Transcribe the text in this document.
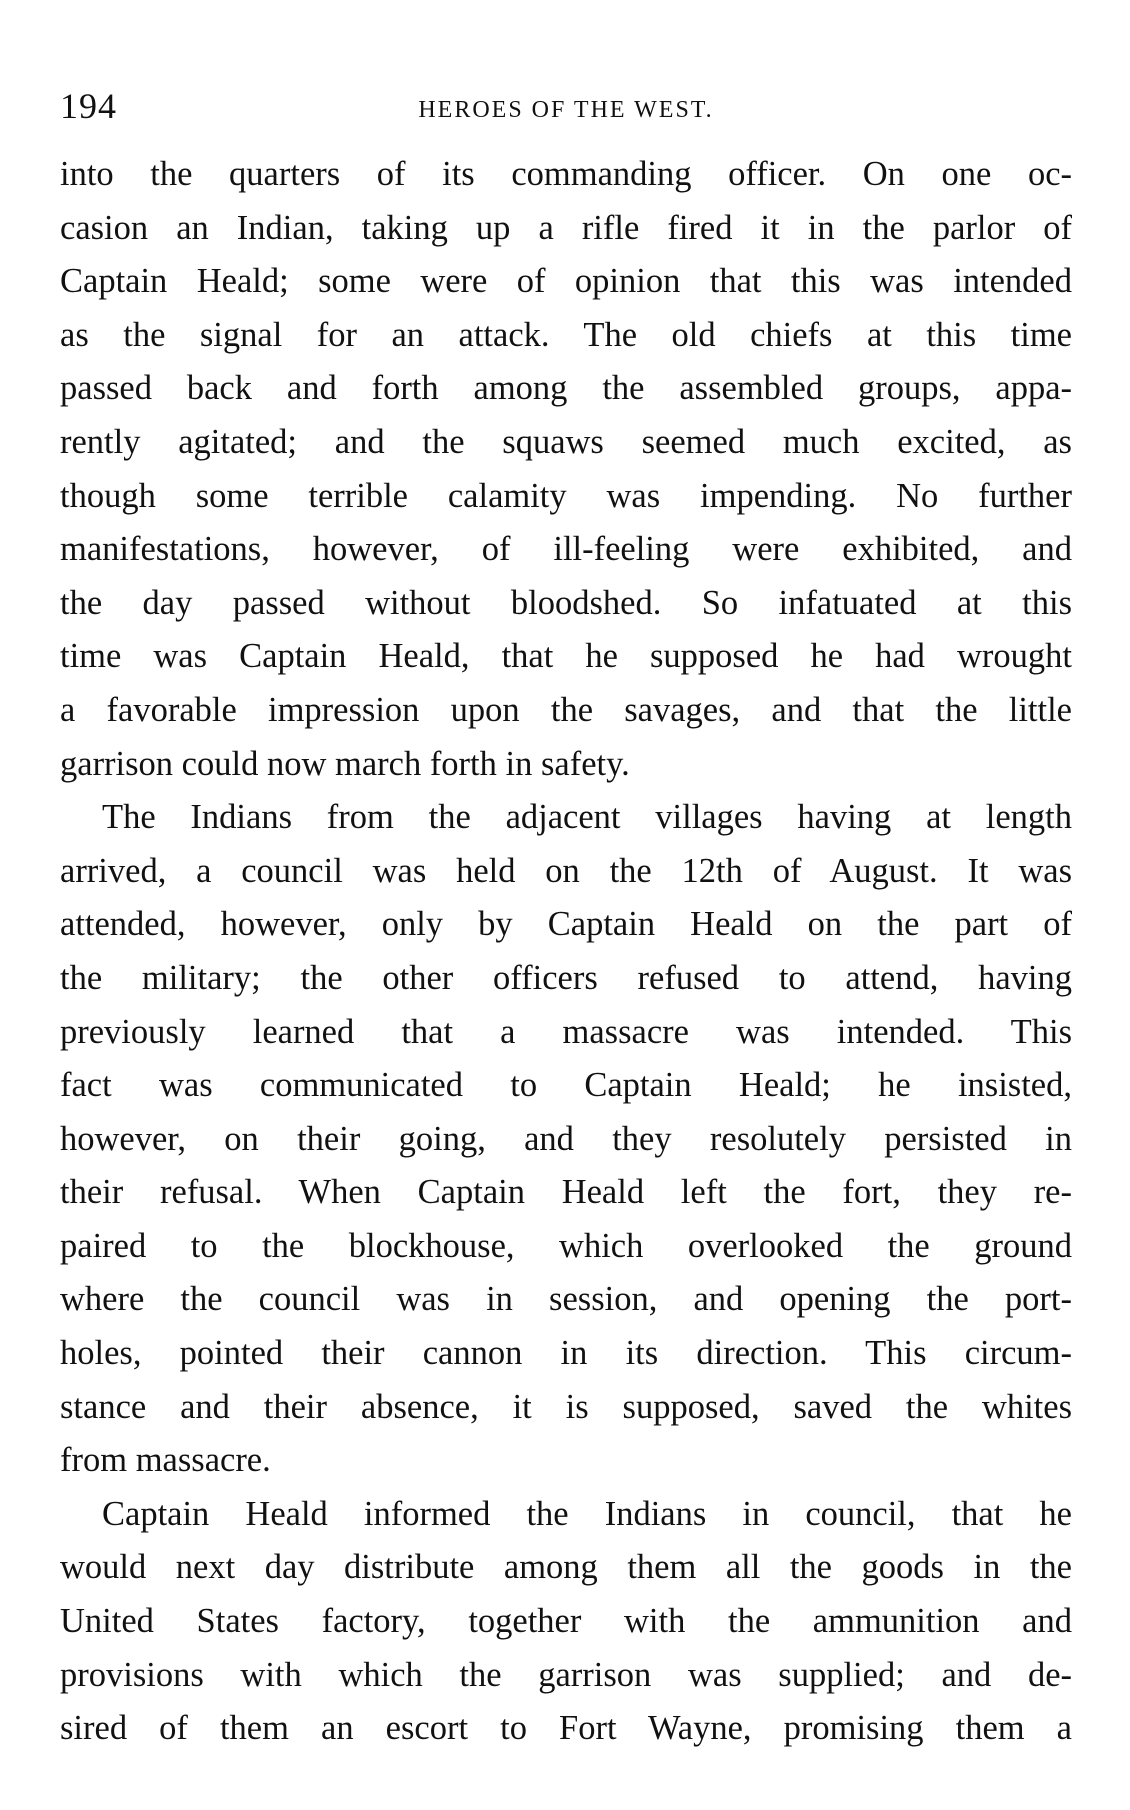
194	HEROES OF THE WEST.
into the quarters of its commanding officer. On one oc-
casion an Indian, taking up a rifle fired it in the parlor of
Captain Heald; some were of opinion that this was intended
as the signal for an attack. The old chiefs at this time
passed back and forth among the assembled groups, appa-
rently agitated; and the squaws seemed much excited, as
though some terrible calamity was impending. No further
manifestations, however, of ill-feeling were exhibited, and
the day passed without bloodshed. So infatuated at this
time was Captain Heald, that he supposed he had wrought
a favorable impression upon the savages, and that the little
garrison could now march forth in safety.
The Indians from the adjacent villages having at length
arrived, a council was held on the 12th of August. It was
attended, however, only by Captain Heald on the part of
the military; the other officers refused to attend, having
previously learned that a massacre was intended. This
fact was communicated to Captain Heald; he insisted,
however, on their going, and they resolutely persisted in
their refusal. When Captain Heald left the fort, they re-
paired to the blockhouse, which overlooked the ground
where the council was in session, and opening the port-
holes, pointed their cannon in its direction. This circum-
stance and their absence, it is supposed, saved the whites
from massacre.
Captain Heald informed the Indians in council, that he
would next day distribute among them all the goods in the
United States factory, together with the ammunition and
provisions with which the garrison was supplied; and de-
sired of them an escort to Fort Wayne, promising them a
